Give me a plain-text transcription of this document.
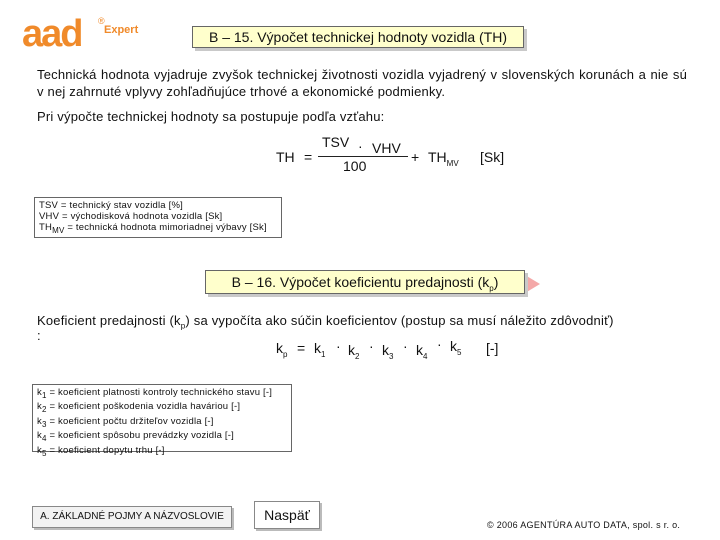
aad ®
Expert	B – 15. Výpočet technickej hodnoty vozidla (TH)
Technická hodnota vyjadruje zvyšok technickej životnosti vozidla vyjadrený v slovenských korunách a nie sú v nej zahrnuté vplyvy zohľadňujúce trhové a ekonomické podmienky.
Pri výpočte technickej hodnoty sa postupuje podľa vzťahu:
TH =
TSV · VHV
100
+ $TH_{MV}$ [Sk]
TSV = technický stav vozidla [%]
VHV = východisková hodnota vozidla [Sk]
$TH_{MV}$ = technická hodnota mimoriadnej výbavy [Sk]
B – 16. Výpočet koeficientu predajnosti $(k_p)$
Koeficient predajnosti $(k_p)$ sa vypočíta ako súčin koeficientov (postup sa musí náležito zdôvodniť)
:
$k_p = k_1$
· $k_2$
· $k_3$
· $k_4$
· $k_5$ [-]
$k_1$ = koeficient platnosti kontroly technického stavu [-]
$k_2$ = koeficient poškodenia vozidla haváriou [-]
$k_3$ = koeficient počtu držiteľov vozidla [-]
$k_4$ = koeficient spôsobu prevádzky vozidla [-]
$k_5$ = koeficient dopytu trhu [-]
A. ZÁKLADNÉ POJMY A NÁZVOSLOVIE	Naspäť
© 2006 AGENTÚRA AUTO DATA, spol. s r. o.
